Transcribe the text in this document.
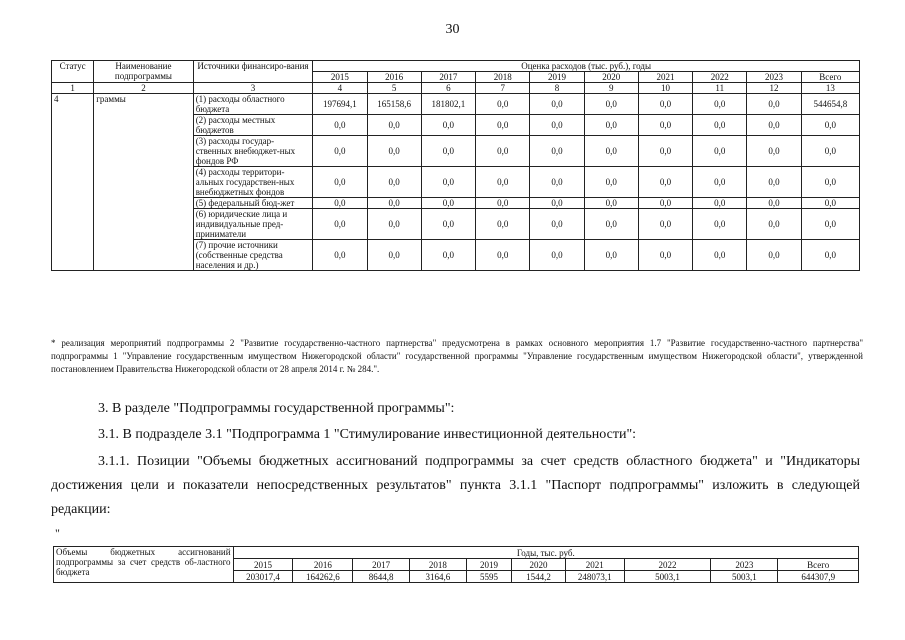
30
Статус	Наименование подпрограммы	Источники финансиро-вания	Оценка расходов (тыс. руб.), годы									
			2015	2016	2017	2018	2019	2020	2021	2022	2023	Всего
1	2	3	4	5	6	7	8	9	10	11	12	13
4	граммы	(1) расходы областного бюджета	197694,1	165158,6	181802,1	0,0	0,0	0,0	0,0	0,0	0,0	544654,8
		(2) расходы местных бюджетов	0,0	0,0	0,0	0,0	0,0	0,0	0,0	0,0	0,0	0,0
		(3) расходы государ-ственных внебюджет-ных фондов РФ	0,0	0,0	0,0	0,0	0,0	0,0	0,0	0,0	0,0	0,0
		(4) расходы территори-альных государствен-ных внебюджетных фондов	0,0	0,0	0,0	0,0	0,0	0,0	0,0	0,0	0,0	0,0
		(5) федеральный бюд-жет	0,0	0,0	0,0	0,0	0,0	0,0	0,0	0,0	0,0	0,0
		(6) юридические лица и индивидуальные пред-приниматели	0,0	0,0	0,0	0,0	0,0	0,0	0,0	0,0	0,0	0,0
		(7) прочие источники (собственные средства населения и др.)	0,0	0,0	0,0	0,0	0,0	0,0	0,0	0,0	0,0	0,0
* реализация мероприятий подпрограммы 2 "Развитие государственно-частного партнерства" предусмотрена в рамках основного мероприятия 1.7 "Развитие государственно-частного партнерства" подпрограммы 1 "Управление государственным имуществом Нижегородской области" государственной программы "Управление государственным имуществом Нижегородской области", утвержденной постановлением Правительства Нижегородской области от 28 апреля 2014 г. № 284.".
3. В разделе "Подпрограммы государственной программы":
3.1. В подразделе 3.1 "Подпрограмма 1 "Стимулирование инвестиционной деятельности":
3.1.1. Позиции "Объемы бюджетных ассигнований подпрограммы за счет средств областного бюджета" и "Индикаторы достижения цели и показатели непосредственных результатов" пункта 3.1.1 "Паспорт подпрограммы" изложить в следующей редакции:
"
Объемы бюджетных ассигнований подпрограммы за счет средств об-ластного бюджета	Годы, тыс. руб.									
	2015	2016	2017	2018	2019	2020	2021	2022	2023	Всего
	203017,4	164262,6	8644,8	3164,6	5595	1544,2	248073,1	5003,1	5003,1	644307,9
